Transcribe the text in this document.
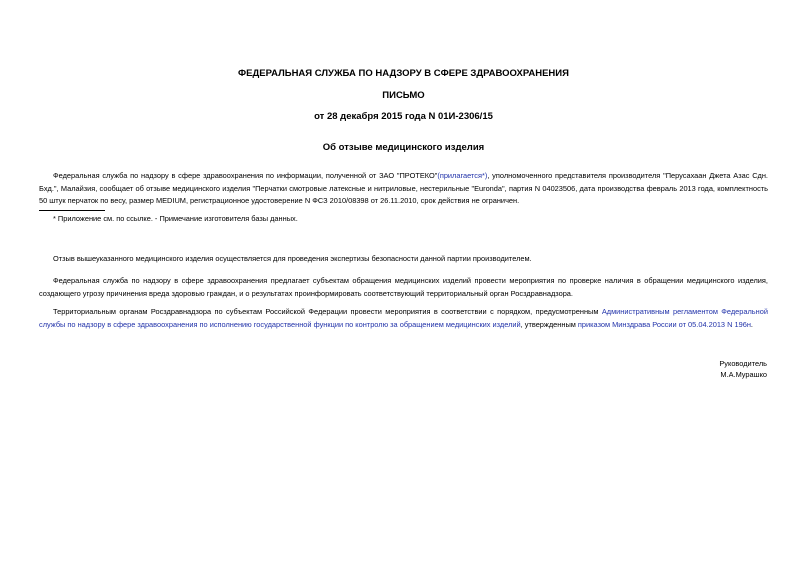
ФЕДЕРАЛЬНАЯ СЛУЖБА ПО НАДЗОРУ В СФЕРЕ ЗДРАВООХРАНЕНИЯ
ПИСЬМО
от 28 декабря 2015 года N 01И-2306/15
Об отзыве медицинского изделия
Федеральная служба по надзору в сфере здравоохранения по информации, полученной от ЗАО "ПРОТЕКО"(прилагается*), уполномоченного представителя производителя "Перусахаан Джета Азас Сдн. Бхд.", Малайзия, сообщает об отзыве медицинского изделия "Перчатки смотровые латексные и нитриловые, нестерильные "Euronda", партия N 04023506, дата производства февраль 2013 года, комплектность 50 штук перчаток по весу, размер MEDIUM, регистрационное удостоверение N ФСЗ 2010/08398 от 26.11.2010, срок действия не ограничен.
* Приложение см. по ссылке. - Примечание изготовителя базы данных.
Отзыв вышеуказанного медицинского изделия осуществляется для проведения экспертизы безопасности данной партии производителем.
Федеральная служба по надзору в сфере здравоохранения предлагает субъектам обращения медицинских изделий провести мероприятия по проверке наличия в обращении медицинского изделия, создающего угрозу причинения вреда здоровью граждан, и о результатах проинформировать соответствующий территориальный орган Росздравнадзора.
Территориальным органам Росздравнадзора по субъектам Российской Федерации провести мероприятия в соответствии с порядком, предусмотренным Административным регламентом Федеральной службы по надзору в сфере здравоохранения по исполнению государственной функции по контролю за обращением медицинских изделий, утвержденным приказом Минздрава России от 05.04.2013 N 196н.
Руководитель
М.А.Мурашко
